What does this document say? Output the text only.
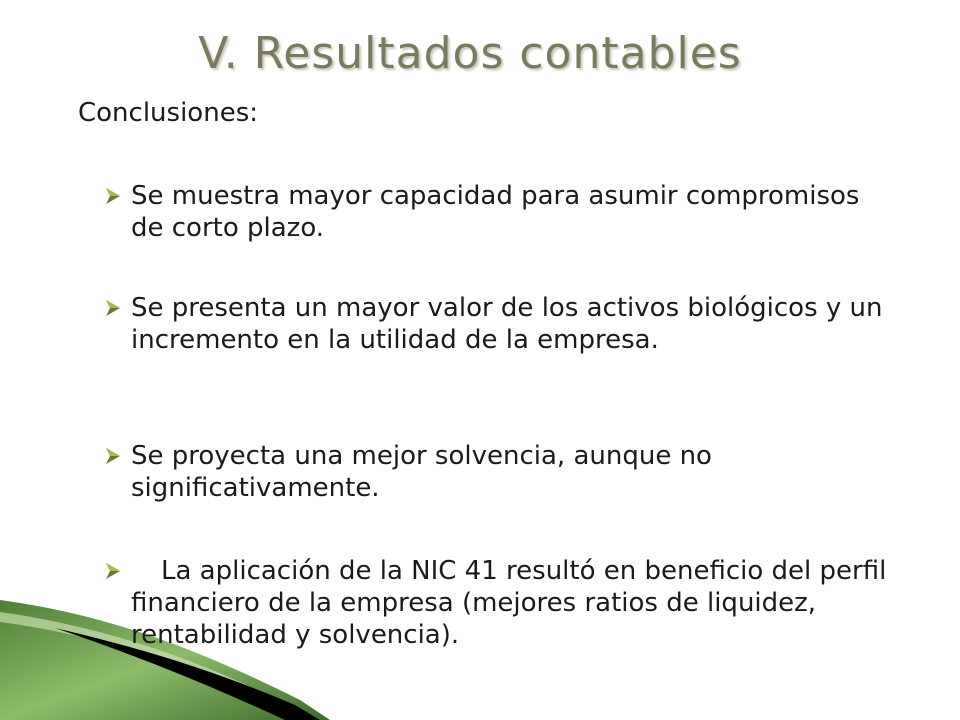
V. Resultados contables
Conclusiones:
Se muestra mayor capacidad para asumir compromisos de corto plazo.
Se presenta un mayor valor de los activos biológicos y un incremento en la utilidad de la empresa.
Se proyecta una mejor solvencia, aunque no significativamente.
La aplicación de la NIC 41 resultó en beneficio del perfil financiero de la empresa (mejores ratios de liquidez, rentabilidad y solvencia).
